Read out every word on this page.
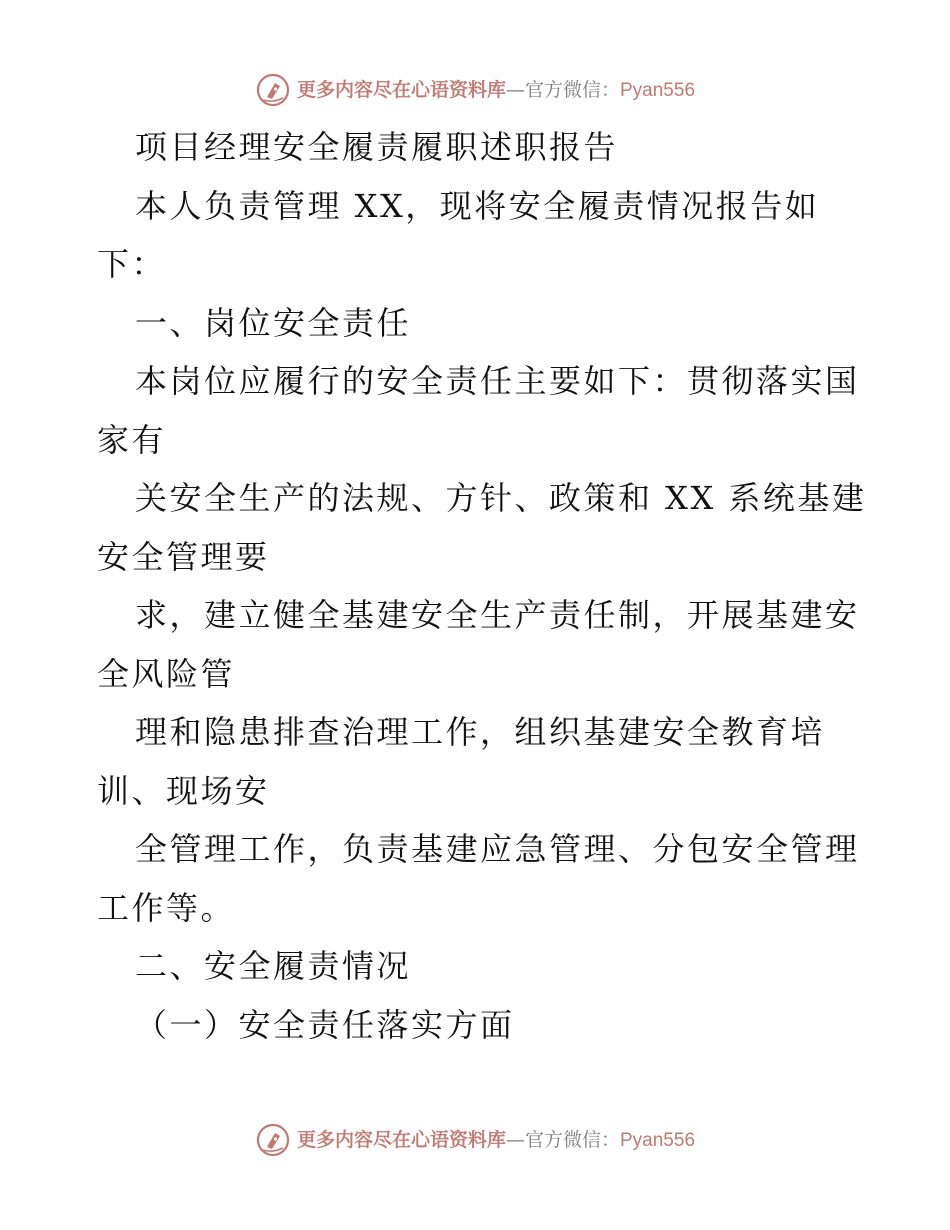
更多内容尽在心语资料库—官方微信：Pyan556
项目经理安全履责履职述职报告
本人负责管理 XX，现将安全履责情况报告如
下：
一、岗位安全责任
本岗位应履行的安全责任主要如下：贯彻落实国
家有
关安全生产的法规、方针、政策和 XX 系统基建
安全管理要
求，建立健全基建安全生产责任制，开展基建安
全风险管
理和隐患排查治理工作，组织基建安全教育培
训、现场安
全管理工作，负责基建应急管理、分包安全管理
工作等。
二、安全履责情况
（一）安全责任落实方面
更多内容尽在心语资料库—官方微信：Pyan556
